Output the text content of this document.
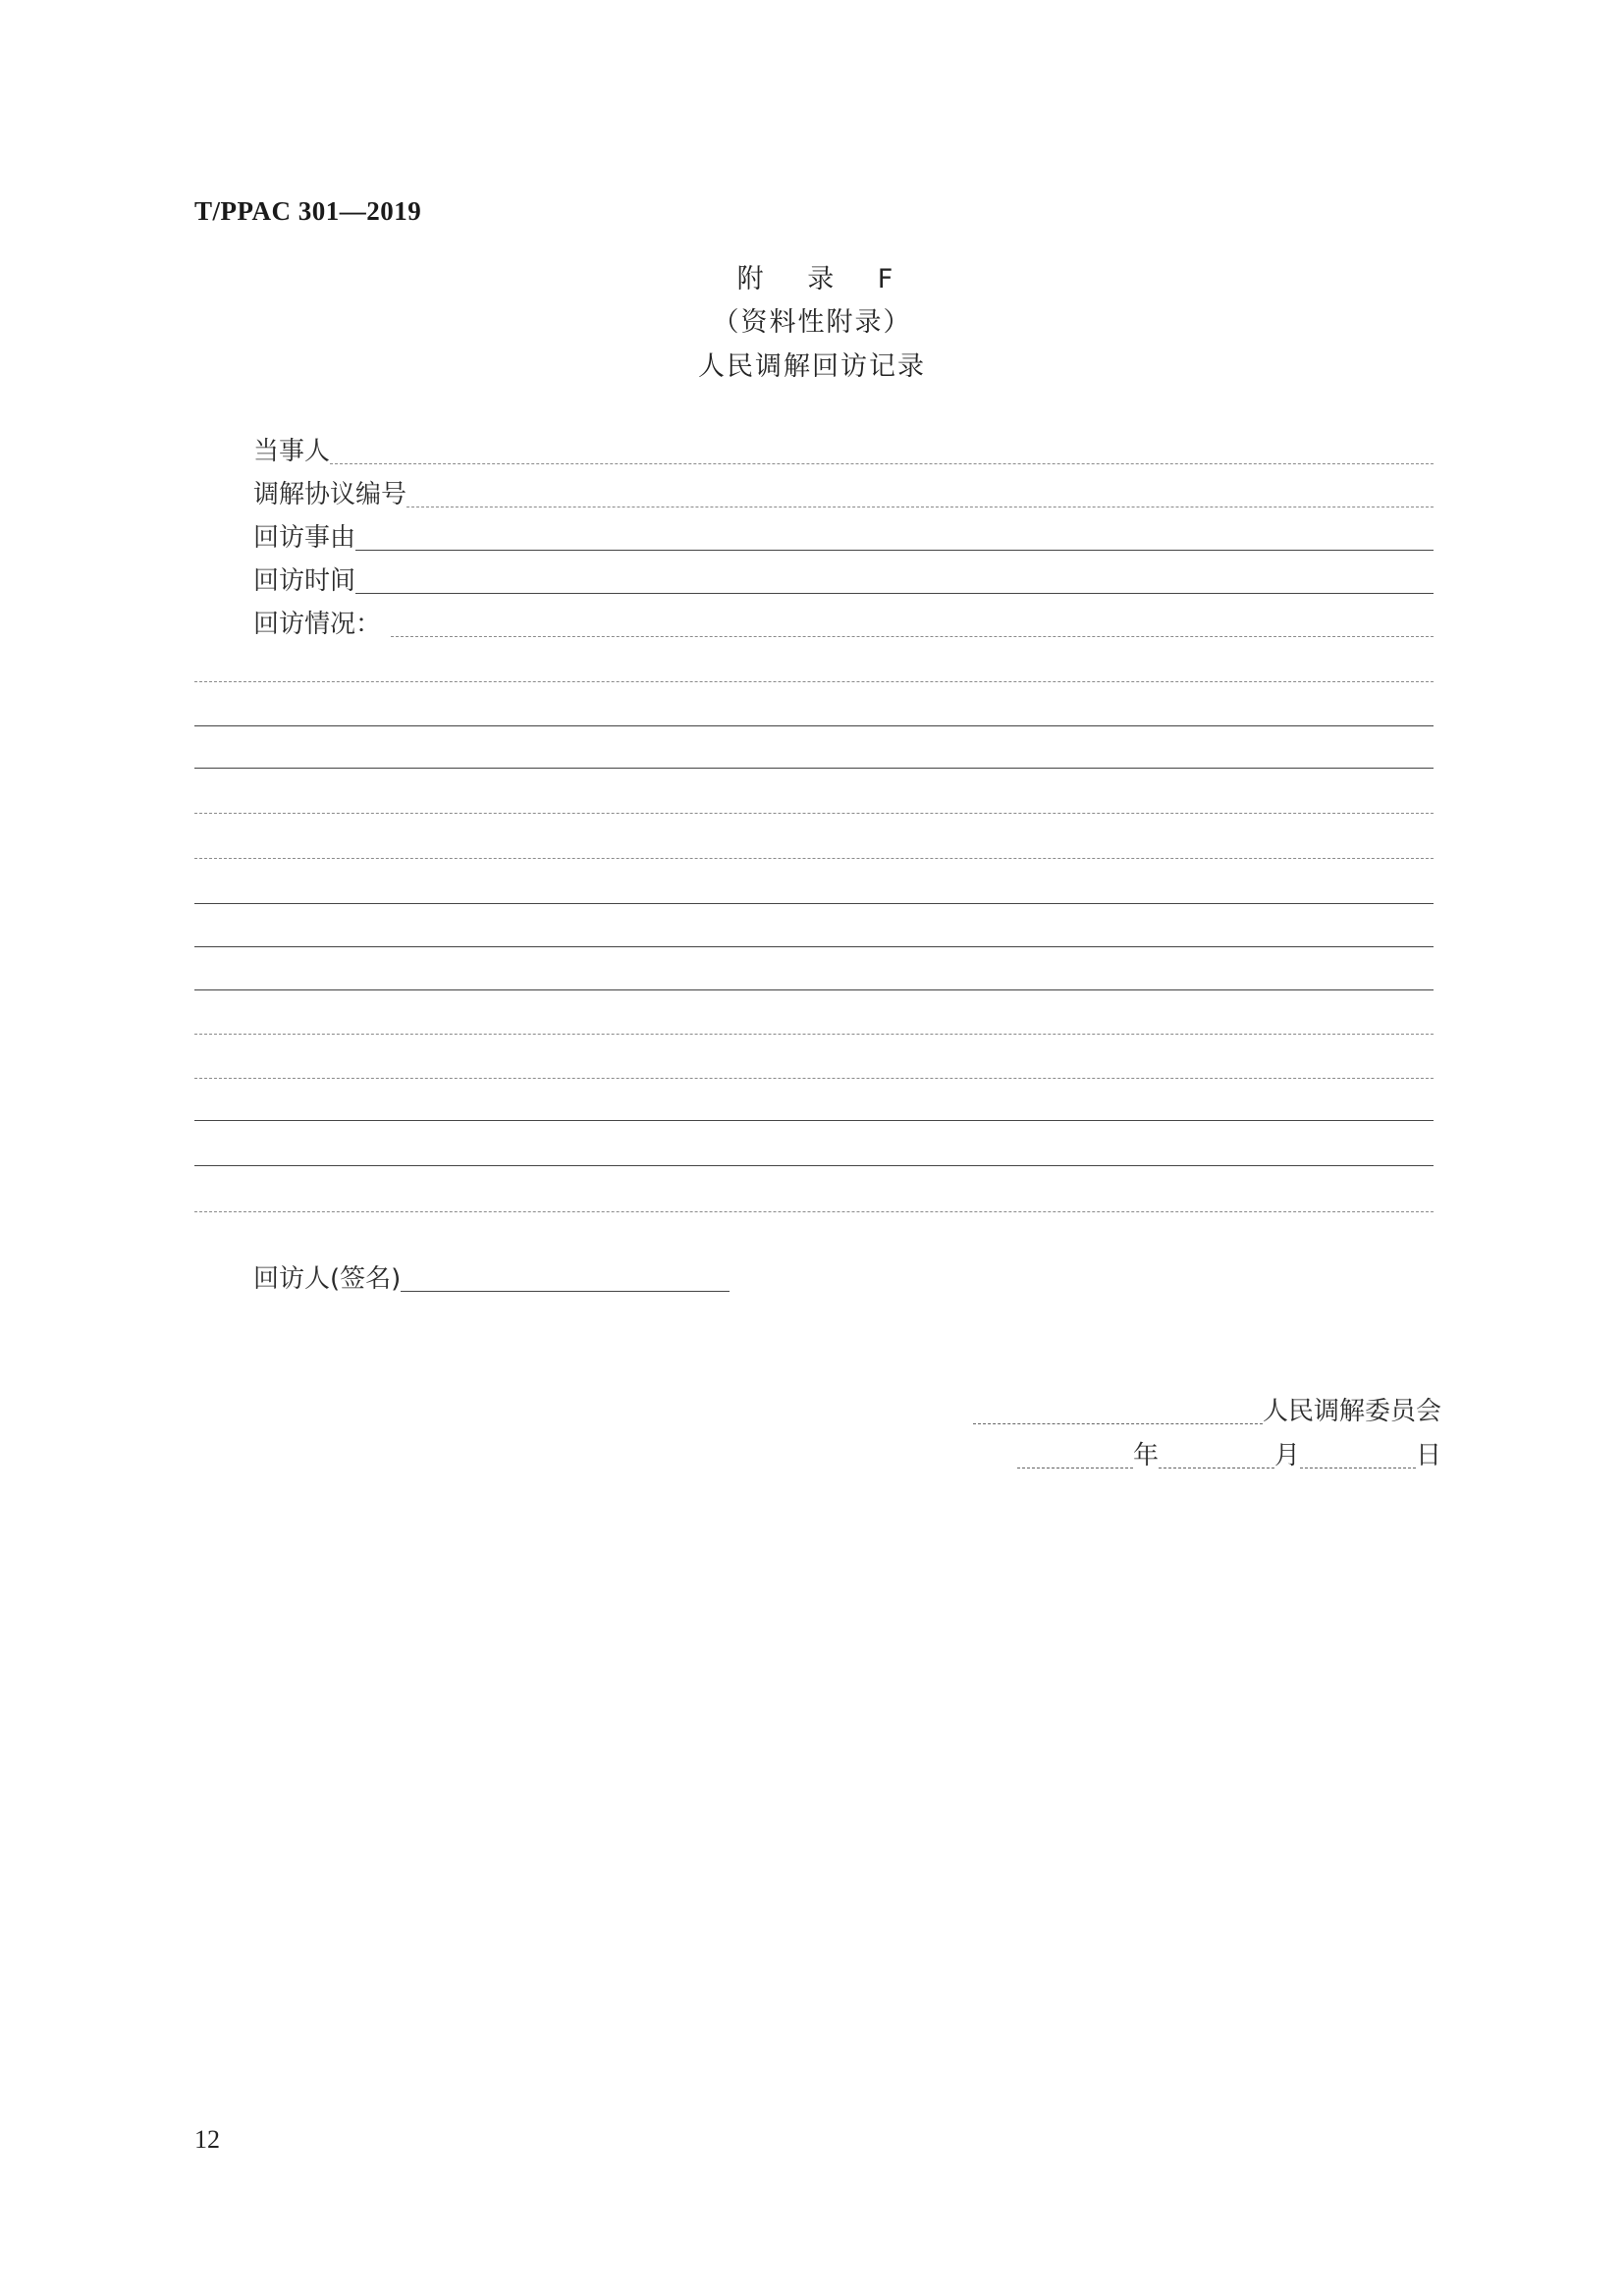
T/PPAC 301—2019
附 录 F
（资料性附录）
人民调解回访记录
当事人
调解协议编号
回访事由
回访时间
回访情况：
回访人(签名)
人民调解委员会
年	月	日
12
